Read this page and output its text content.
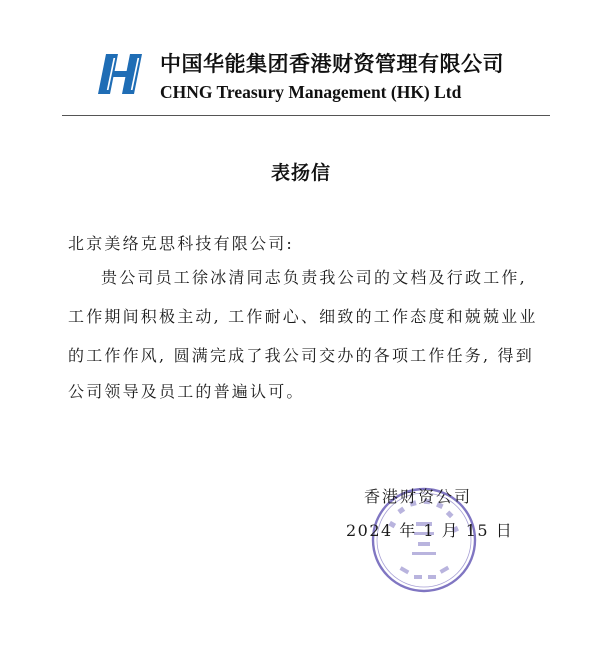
中国华能集团香港财资管理有限公司
CHNG Treasury Management (HK) Ltd
表扬信
北京美络克思科技有限公司:
贵公司员工徐冰清同志负责我公司的文档及行政工作,
工作期间积极主动, 工作耐心、细致的工作态度和兢兢业业
的工作作风, 圆满完成了我公司交办的各项工作任务, 得到
公司领导及员工的普遍认可。
香港财资公司
2024 年 1 月 15 日
